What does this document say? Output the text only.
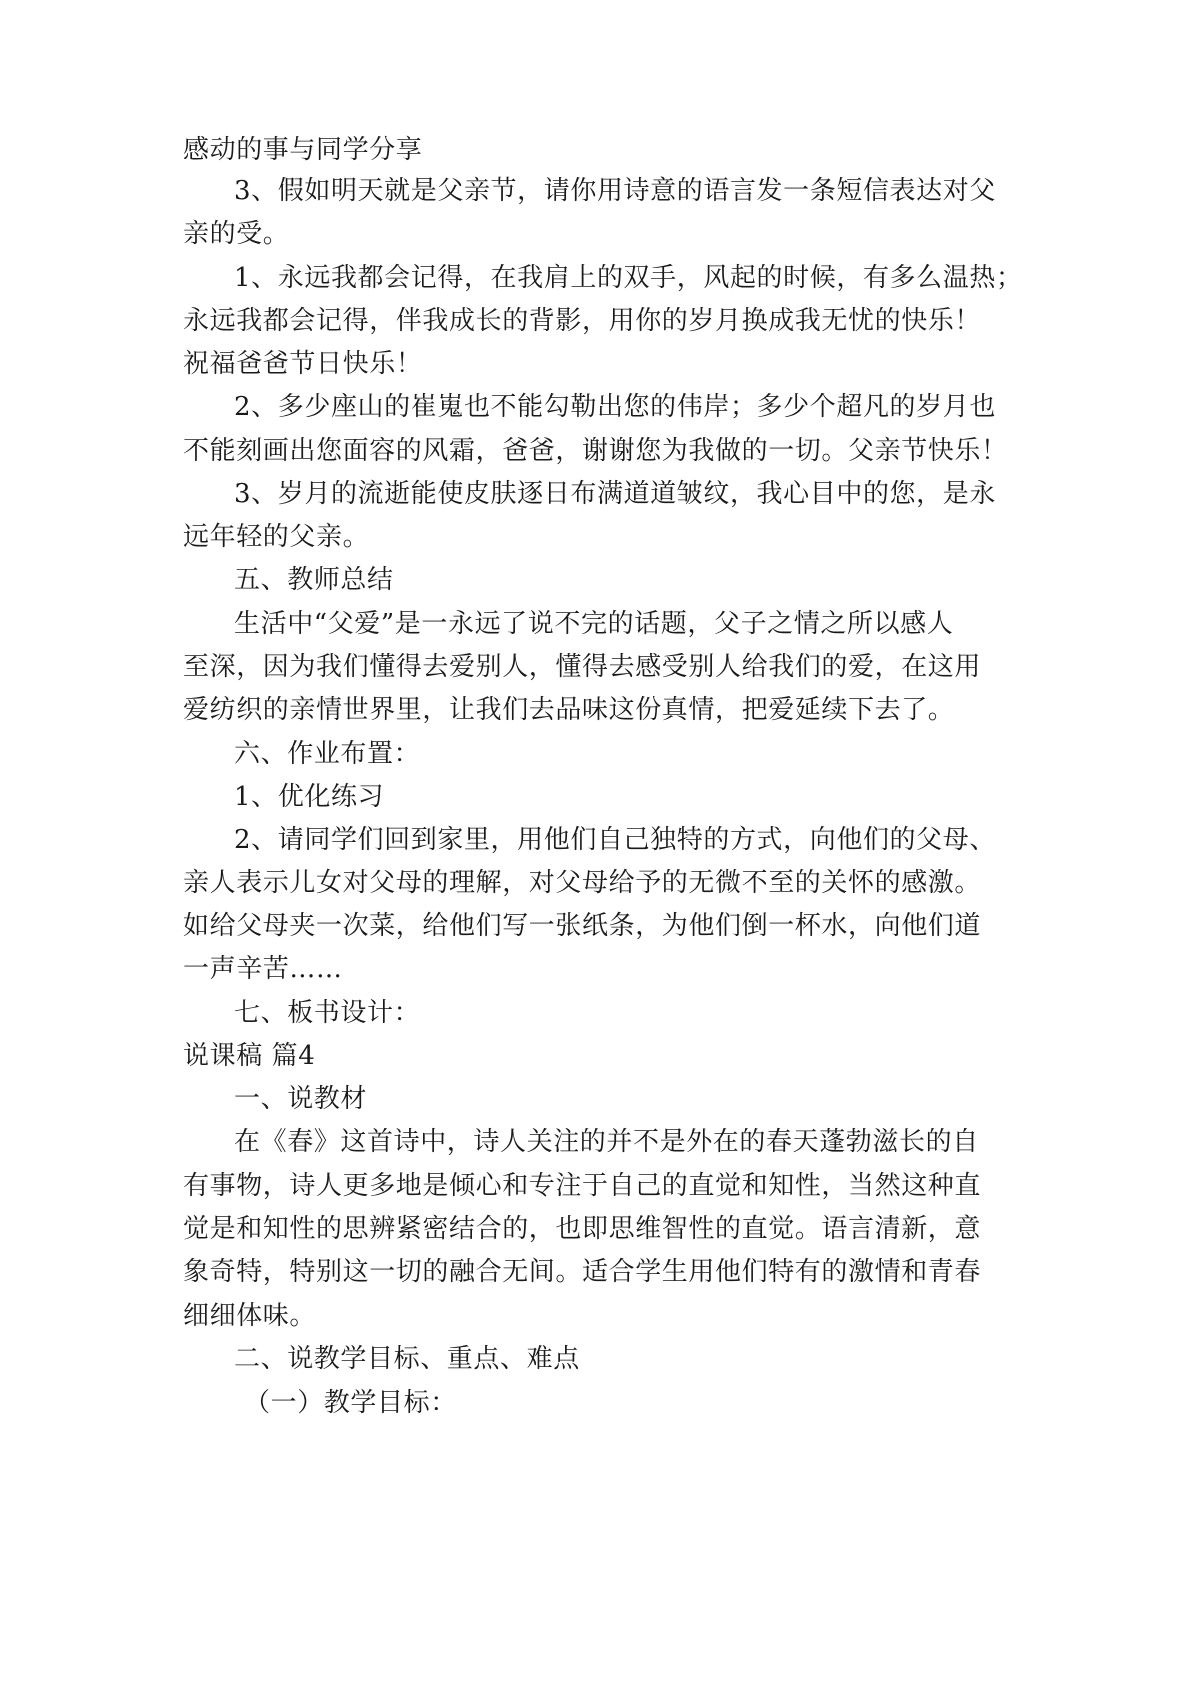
感动的事与同学分享
3、假如明天就是父亲节，请你用诗意的语言发一条短信表达对父
亲的受。
1、永远我都会记得，在我肩上的双手，风起的时候，有多么温热；
永远我都会记得，伴我成长的背影，用你的岁月换成我无忧的快乐！
祝福爸爸节日快乐！
2、多少座山的崔嵬也不能勾勒出您的伟岸；多少个超凡的岁月也
不能刻画出您面容的风霜，爸爸，谢谢您为我做的一切。父亲节快乐！
3、岁月的流逝能使皮肤逐日布满道道皱纹，我心目中的您，是永
远年轻的父亲。
五、教师总结
生活中“父爱”是一永远了说不完的话题，父子之情之所以感人
至深，因为我们懂得去爱别人，懂得去感受别人给我们的爱，在这用
爱纺织的亲情世界里，让我们去品味这份真情，把爱延续下去了。
六、作业布置：
1、优化练习
2、请同学们回到家里，用他们自己独特的方式，向他们的父母、
亲人表示儿女对父母的理解，对父母给予的无微不至的关怀的感激。
如给父母夹一次菜，给他们写一张纸条，为他们倒一杯水，向他们道
一声辛苦……
七、板书设计：
说课稿 篇4
一、说教材
在《春》这首诗中，诗人关注的并不是外在的春天蓬勃滋长的自
有事物，诗人更多地是倾心和专注于自己的直觉和知性，当然这种直
觉是和知性的思辨紧密结合的，也即思维智性的直觉。语言清新，意
象奇特，特别这一切的融合无间。适合学生用他们特有的激情和青春
细细体味。
二、说教学目标、重点、难点
（一）教学目标：
